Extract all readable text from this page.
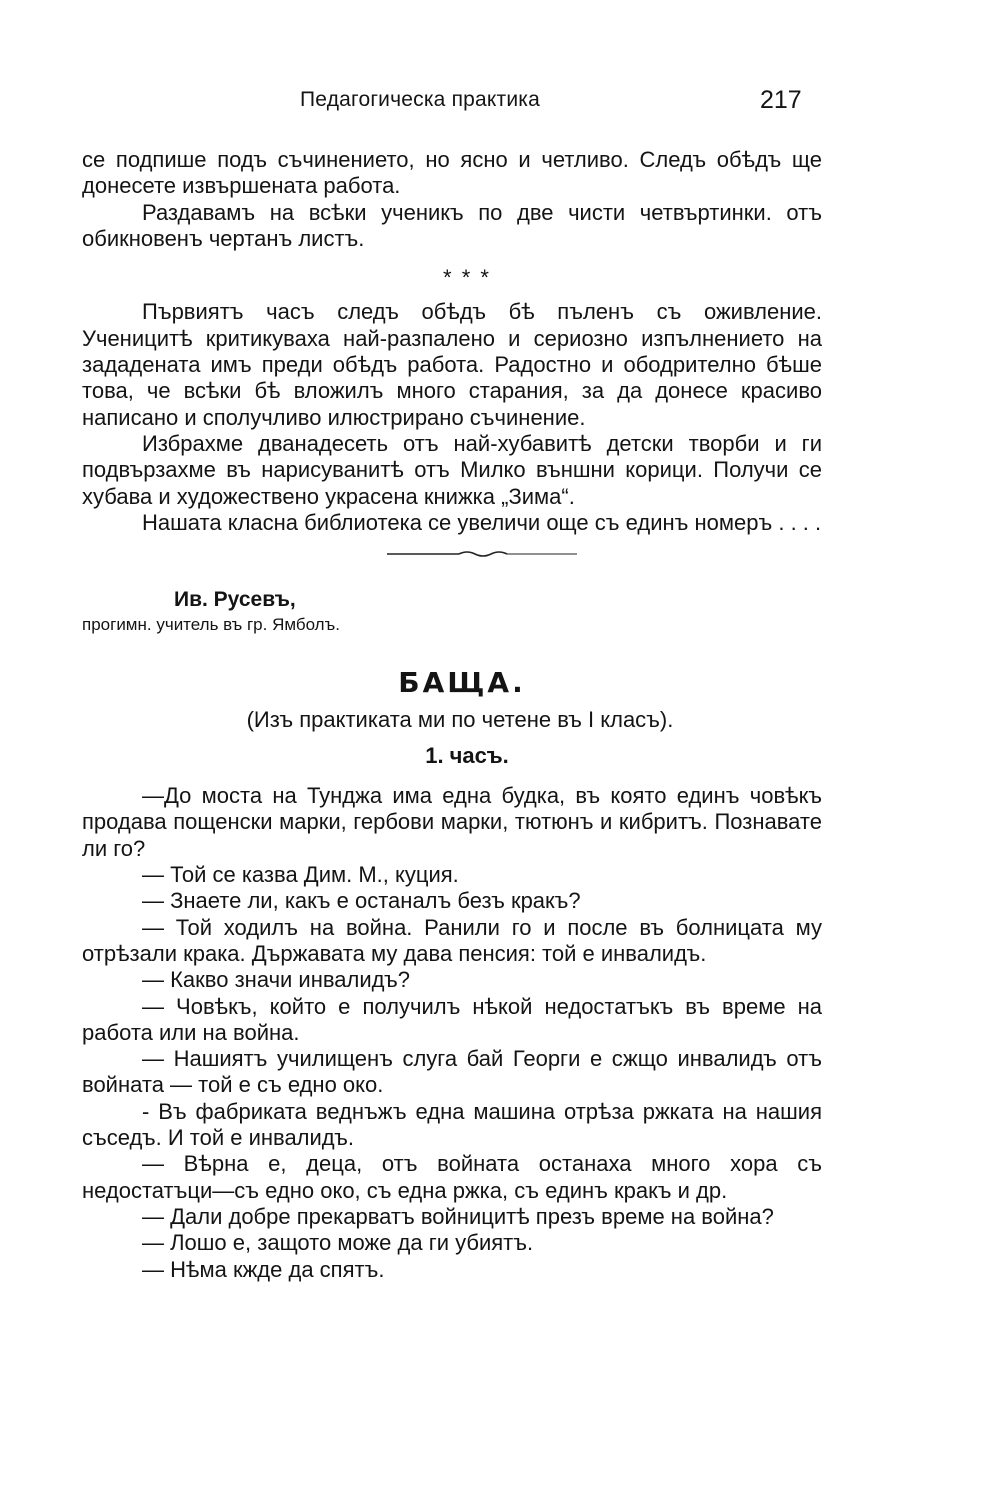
Педагогическа практика	217

се подпише подъ съчинението, но ясно и четливо. Следъ обѣдъ ще донесете извършената работа.

Раздавамъ на всѣки ученикъ по две чисти четвъртинки. отъ обикновенъ чертанъ листъ.

* * *

Първиятъ часъ следъ обѣдъ бѣ пъленъ съ оживление. Ученицитѣ критикуваха най-разпалено и сериозно изпълнението на зададената имъ преди обѣдъ работа. Радостно и ободрително бѣше това, че всѣки бѣ вложилъ много старания, за да донесе красиво написано и сполучливо илюстрирано съчинение.

Избрахме дванадесеть отъ най-хубавитѣ детски творби и ги подвързахме въ нарисуванитѣ отъ Милко външни корици. Получи се хубава и художествено украсена книжка „Зима“.

Нашата класна библиотека се увеличи още съ единъ номеръ . . . .

Ив. Русевъ,
прогимн. учитель въ гр. Ямболъ.
БАЩА.
(Изъ практиката ми по четене въ I класъ).
1. часъ.

—До моста на Тунджа има една будка, въ която единъ човѣкъ продава пощенски марки, гербови марки, тютюнъ и кибритъ. Познавате ли го?

— Той се казва Дим. М., куция.

— Знаете ли, какъ е останалъ безъ кракъ?

— Той ходилъ на война. Ранили го и после въ болницата му отрѣзали крака. Държавата му дава пенсия: той е инвалидъ.

— Какво значи инвалидъ?

— Човѣкъ, който е получилъ нѣкой недостатъкъ въ време на работа или на война.

— Нашиятъ училищенъ слуга бай Георги е сжщо инвалидъ отъ войната — той е съ едно око.

- Въ фабриката веднъжъ една машина отрѣза ржката на нашия съседъ. И той е инвалидъ.

— Вѣрна е, деца, отъ войната останаха много хора съ недостатъци—съ едно око, съ една ржка, съ единъ кракъ и др.

— Дали добре прекарватъ войницитѣ презъ време на война?

— Лошо е, защото може да ги убиятъ.

— Нѣма кжде да спятъ.
